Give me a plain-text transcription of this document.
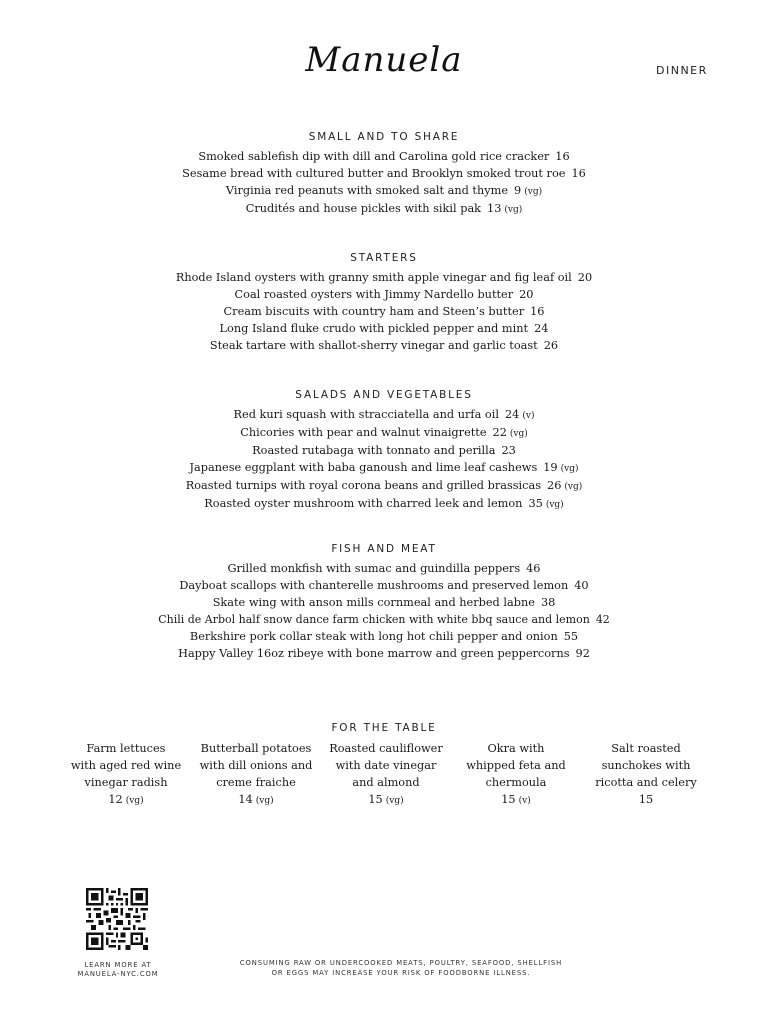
Manuela	DINNER
SMALL AND TO SHARE
Smoked sablefish dip with dill and Carolina gold rice cracker 16
Sesame bread with cultured butter and Brooklyn smoked trout roe 16
Virginia red peanuts with smoked salt and thyme 9 (vg)
Crudités and house pickles with sikil pak 13 (vg)
STARTERS
Rhode Island oysters with granny smith apple vinegar and fig leaf oil 20
Coal roasted oysters with Jimmy Nardello butter 20
Cream biscuits with country ham and Steen’s butter 16
Long Island fluke crudo with pickled pepper and mint 24
Steak tartare with shallot-sherry vinegar and garlic toast 26
SALADS AND VEGETABLES
Red kuri squash with stracciatella and urfa oil 24 (v)
Chicories with pear and walnut vinaigrette 22 (vg)
Roasted rutabaga with tonnato and perilla 23
Japanese eggplant with baba ganoush and lime leaf cashews 19 (vg)
Roasted turnips with royal corona beans and grilled brassicas 26 (vg)
Roasted oyster mushroom with charred leek and lemon 35 (vg)
FISH AND MEAT
Grilled monkfish with sumac and guindilla peppers 46
Dayboat scallops with chanterelle mushrooms and preserved lemon 40
Skate wing with anson mills cornmeal and herbed labne 38
Chili de Arbol half snow dance farm chicken with white bbq sauce and lemon 42
Berkshire pork collar steak with long hot chili pepper and onion 55
Happy Valley 16oz ribeye with bone marrow and green peppercorns 92
FOR THE TABLE
Farm lettuces
with aged red wine
vinegar radish
12 (vg)
Butterball potatoes
with dill onions and
creme fraiche
14 (vg)
Roasted cauliflower
with date vinegar
and almond
15 (vg)
Okra with
whipped feta and
chermoula
15 (v)
Salt roasted
sunchokes with
ricotta and celery
15
LEARN MORE AT
MANUELA-NYC.COM
CONSUMING RAW OR UNDERCOOKED MEATS, POULTRY, SEAFOOD, SHELLFISH
OR EGGS MAY INCREASE YOUR RISK OF FOODBORNE ILLNESS.
